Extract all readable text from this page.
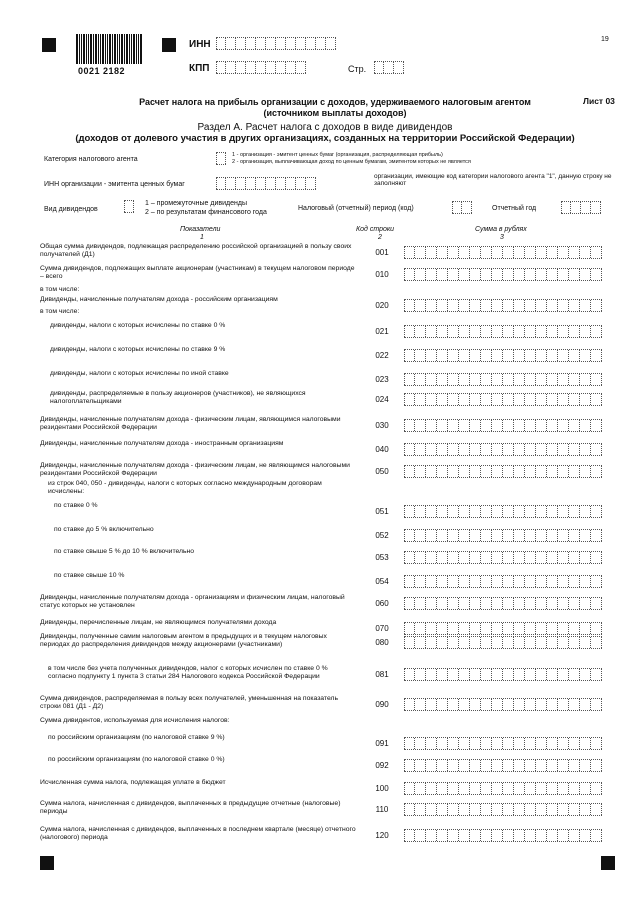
0021 2182
ИНН
КПП	Стр.
19
Расчет налога на прибыль организации с доходов, удерживаемого налоговым агентом
(источником выплаты доходов)
Лист 03
Раздел А. Расчет налога с доходов в виде дивидендов
(доходов от долевого участия в других организациях, созданных на территории Российской Федерации)
Категория налогового агента
1 - организация - эмитент ценных бумаг (организация, распределяющая прибыль)
2 - организация, выплачивающая доход по ценным бумагам, эмитентом которых не является
ИНН организации - эмитента ценных бумаг
организации, имеющие код категории налогового агента "1", данную строку не заполняют
Вид дивидендов
1 – промежуточные дивиденды
2 – по результатам финансового года
Налоговый (отчетный) период (код)	Отчетный год
Показатели
1
Код строки
2
Сумма в рублях
3
Общая сумма дивидендов, подлежащая распределению российской организацией в пользу своих получателей (Д1)	001
Сумма дивидендов, подлежащих выплате акционерам (участникам) в текущем налоговом периоде – всего	010
в том числе:
Дивиденды, начисленные получателям дохода - российским организациям
020
в том числе:
дивиденды, налоги с которых исчислены по ставке 0 %
021
дивиденды, налоги с которых исчислены по ставке 9 %
022
дивиденды, налоги с которых исчислены по иной ставке
023
дивиденды, распределяемые в пользу акционеров (участников), не являющихся налогоплательщиками	024
Дивиденды, начисленные получателям дохода - физическим лицам, являющимся налоговыми резидентами Российской Федерации	030
Дивиденды, начисленные получателям дохода - иностранным организациям
040
Дивиденды, начисленные получателям дохода - физическим лицам, не являющимся налоговыми резидентами Российской Федерации	050
из строк 040, 050 - дивиденды, налоги с которых согласно международным договорам исчислены:
по ставке 0 %
051
по ставке до 5 % включительно
052
по ставке свыше 5 % до 10 % включительно
053
по ставке свыше 10 %
054
Дивиденды, начисленные получателям дохода - организациям и физическим лицам, налоговый статус которых не установлен	060
Дивиденды, перечисленные лицам, не являющимся получателями дохода
070
Дивиденды, полученные самим налоговым агентом в предыдущих и в текущем налоговых периодах до распределения дивидендов между акционерами (участниками)	080
в том числе без учета полученных дивидендов, налог с которых исчислен по ставке 0 % согласно подпункту 1 пункта 3 статьи 284 Налогового кодекса Российской Федерации	081
Сумма дивидендов, распределяемая в пользу всех получателей, уменьшенная на показатель строки 081 (Д1 - Д2)	090
Сумма дивидентов, используемая для исчисления налогов:
по российским организациям (по налоговой ставке 9 %)
091
по российским организациям (по налоговой ставке 0 %)
092
Исчисленная сумма налога, подлежащая уплате в бюджет
100
Сумма налога, начисленная с дивидендов, выплаченных в предыдущие отчетные (налоговые) периоды	110
Сумма налога, начисленная с дивидендов, выплаченных в последнем квартале (месяце) отчетного (налогового) периода	120
